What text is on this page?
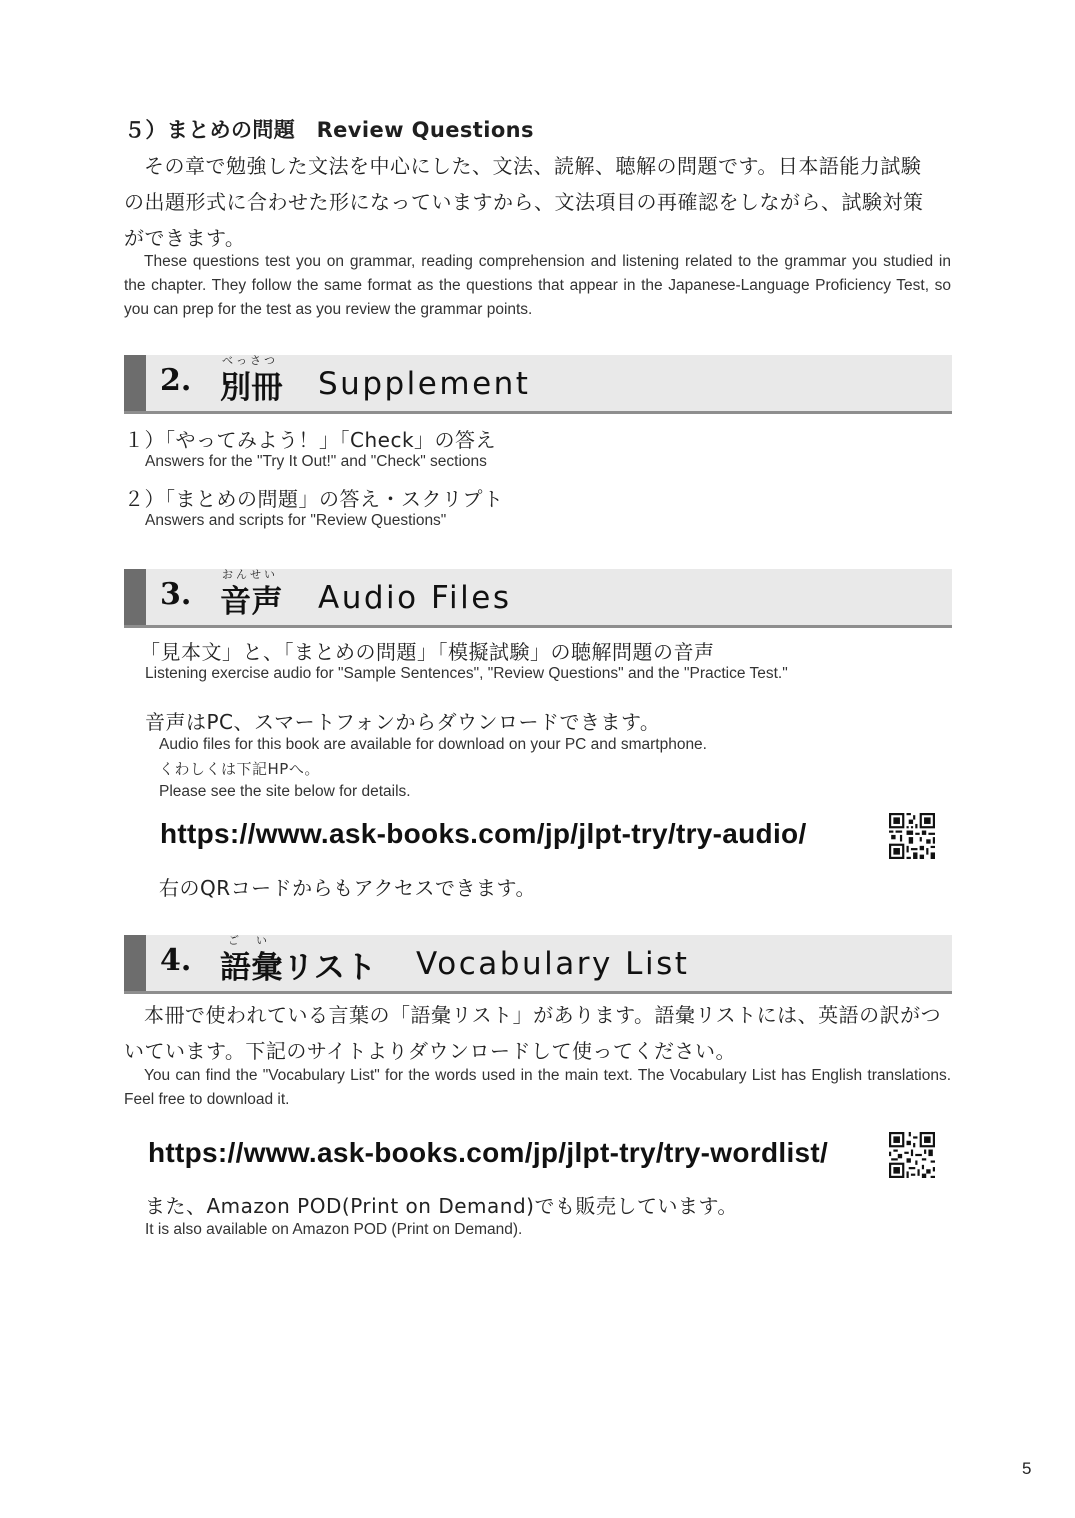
５）まとめの問題　Review Questions
その章で勉強した文法を中心にした、文法、読解、聴解の問題です。日本語能力試験
の出題形式に合わせた形になっていますから、文法項目の再確認をしながら、試験対策
ができます。
These questions test you on grammar, reading comprehension and listening related to the grammar you studied in the chapter. They follow the same format as the questions that appear in the Japanese-Language Proficiency Test, so you can prep for the test as you review the grammar points.
2.
べっさつ
別冊 Supplement
１）「やってみよう！」「Check」の答え
Answers for the "Try It Out!" and "Check" sections
２）「まとめの問題」の答え・スクリプト
Answers and scripts for "Review Questions"
3.
おんせい
音声 Audio Files
「見本文」と、「まとめの問題」「模擬試験」の聴解問題の音声
Listening exercise audio for "Sample Sentences", "Review Questions" and the "Practice Test."
音声はPC、スマートフォンからダウンロードできます。
Audio files for this book are available for download on your PC and smartphone.
くわしくは下記HPへ。
Please see the site below for details.
https://www.ask-books.com/jp/jlpt-try/try-audio/
右のQRコードからもアクセスできます。
4.
ご　い
語彙リスト Vocabulary List
本冊で使われている言葉の「語彙リスト」があります。語彙リストには、英語の訳がつ
いています。下記のサイトよりダウンロードして使ってください。
You can find the "Vocabulary List" for the words used in the main text. The Vocabulary List has English translations. Feel free to download it.
https://www.ask-books.com/jp/jlpt-try/try-wordlist/
また、Amazon POD(Print on Demand)でも販売しています。
It is also available on Amazon POD (Print on Demand).
5
